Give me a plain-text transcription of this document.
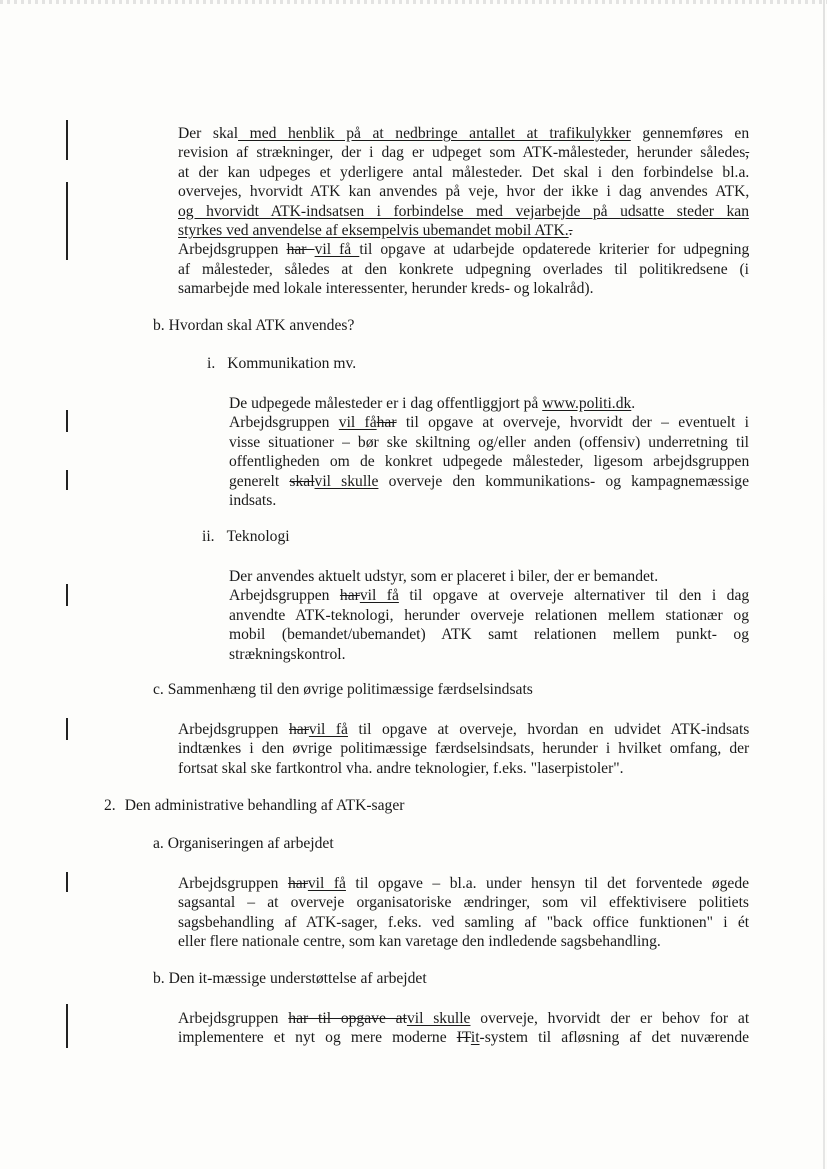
Der skal med henblik på at nedbringe antallet at trafikulykker gennemføres en
revision af strækninger, der i dag er udpeget som ATK-målesteder, herunder således,
at der kan udpeges et yderligere antal målesteder. Det skal i den forbindelse bl.a.
overvejes, hvorvidt ATK kan anvendes på veje, hvor der ikke i dag anvendes ATK,
og hvorvidt ATK-indsatsen i forbindelse med vejarbejde på udsatte steder kan
styrkes ved anvendelse af eksempelvis ubemandet mobil ATK..
Arbejdsgruppen har vil få til opgave at udarbejde opdaterede kriterier for udpegning
af målesteder, således at den konkrete udpegning overlades til politikredsene (i
samarbejde med lokale interessenter, herunder kreds- og lokalråd).

b. Hvordan skal ATK anvendes?

i. Kommunikation mv.

De udpegede målesteder er i dag offentliggjort på www.politi.dk.
Arbejdsgruppen vil fåhar til opgave at overveje, hvorvidt der – eventuelt i
visse situationer – bør ske skiltning og/eller anden (offensiv) underretning til
offentligheden om de konkret udpegede målesteder, ligesom arbejdsgruppen
generelt skalvil skulle overveje den kommunikations- og kampagnemæssige
indsats.

ii. Teknologi

Der anvendes aktuelt udstyr, som er placeret i biler, der er bemandet.
Arbejdsgruppen harvil få til opgave at overveje alternativer til den i dag
anvendte ATK-teknologi, herunder overveje relationen mellem stationær og
mobil (bemandet/ubemandet) ATK samt relationen mellem punkt- og
strækningskontrol.

c. Sammenhæng til den øvrige politimæssige færdselsindsats

Arbejdsgruppen harvil få til opgave at overveje, hvordan en udvidet ATK-indsats
indtænkes i den øvrige politimæssige færdselsindsats, herunder i hvilket omfang, der
fortsat skal ske fartkontrol vha. andre teknologier, f.eks. "laserpistoler".

2. Den administrative behandling af ATK-sager

a. Organiseringen af arbejdet

Arbejdsgruppen harvil få til opgave – bl.a. under hensyn til det forventede øgede
sagsantal – at overveje organisatoriske ændringer, som vil effektivisere politiets
sagsbehandling af ATK-sager, f.eks. ved samling af "back office funktionen" i ét
eller flere nationale centre, som kan varetage den indledende sagsbehandling.

b. Den it-mæssige understøttelse af arbejdet

Arbejdsgruppen har til opgave atvil skulle overveje, hvorvidt der er behov for at
implementere et nyt og mere moderne ITit-system til afløsning af det nuværende
